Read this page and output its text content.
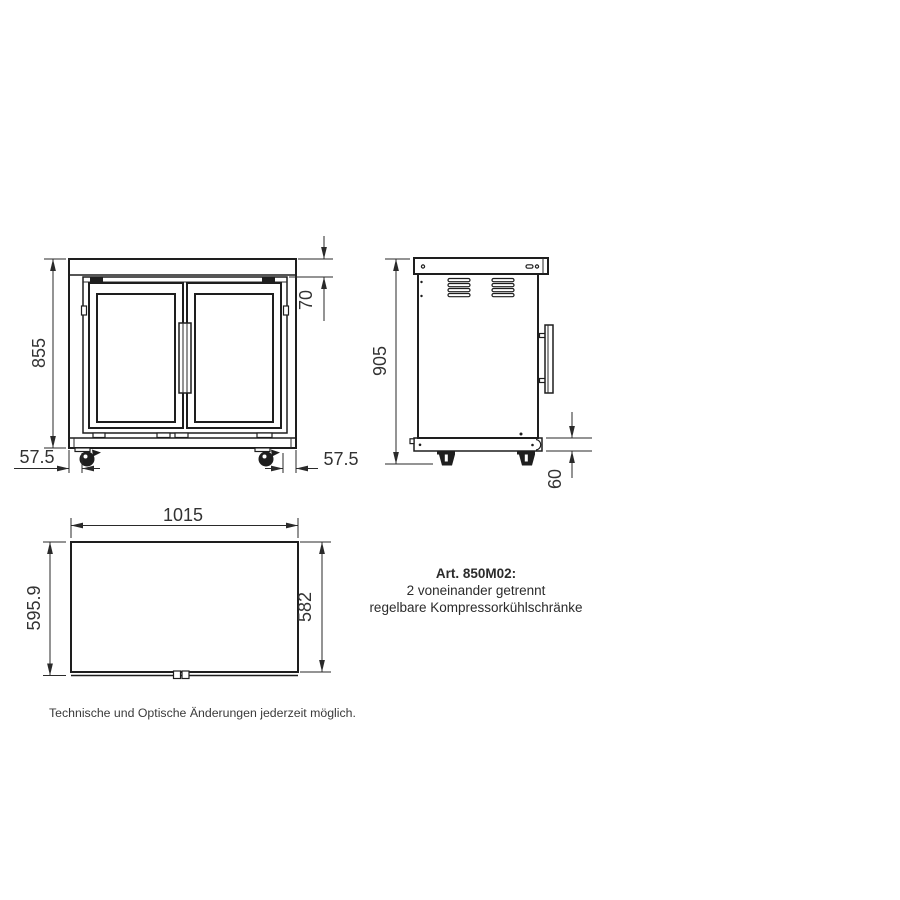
855
70
57.5	57.5
905
60
1015
595.9	582
Art. 850M02:
2 voneinander getrennt
regelbare Kompressorkühlschränke
Technische und Optische Änderungen jederzeit möglich.
